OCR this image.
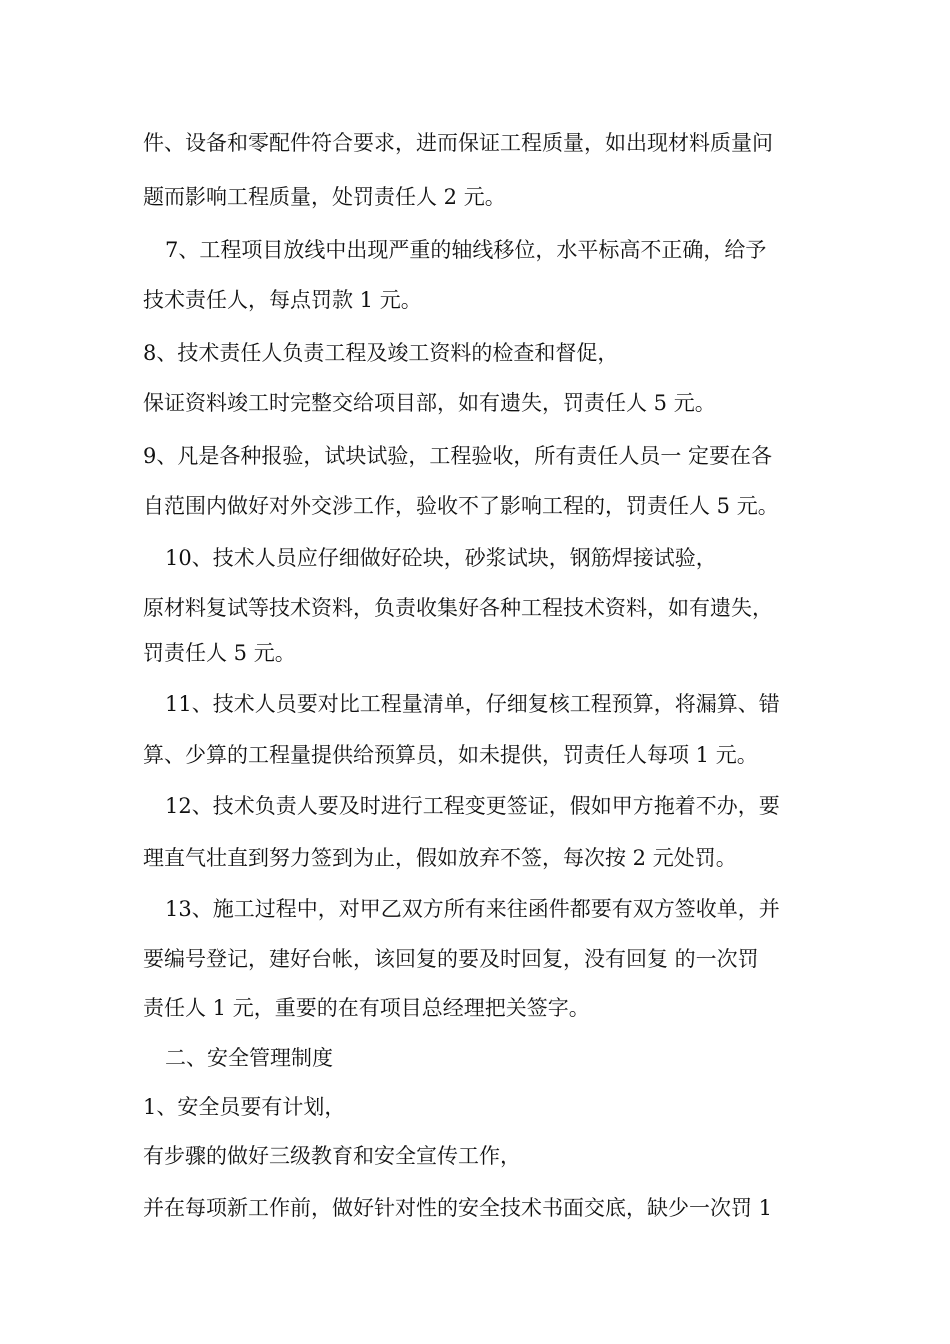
件、设备和零配件符合要求，进而保证工程质量，如出现材料质量问
题而影响工程质量，处罚责任人 2 元。
7、工程项目放线中出现严重的轴线移位，水平标高不正确，给予
技术责任人，每点罚款 1 元。
8、技术责任人负责工程及竣工资料的检查和督促，
保证资料竣工时完整交给项目部，如有遗失，罚责任人 5 元。
9、凡是各种报验，试块试验，工程验收，所有责任人员一 定要在各
自范围内做好对外交涉工作，验收不了影响工程的，罚责任人 5 元。
10、技术人员应仔细做好砼块，砂浆试块，钢筋焊接试验，
原材料复试等技术资料，负责收集好各种工程技术资料，如有遗失，
罚责任人 5 元。
11、技术人员要对比工程量清单，仔细复核工程预算，将漏算、错
算、少算的工程量提供给预算员，如未提供，罚责任人每项 1 元。
12、技术负责人要及时进行工程变更签证，假如甲方拖着不办，要
理直气壮直到努力签到为止，假如放弃不签，每次按 2 元处罚。
13、施工过程中，对甲乙双方所有来往函件都要有双方签收单，并
要编号登记，建好台帐，该回复的要及时回复，没有回复 的一次罚
责任人 1 元，重要的在有项目总经理把关签字。
二、安全管理制度
1、安全员要有计划，
有步骤的做好三级教育和安全宣传工作，
并在每项新工作前，做好针对性的安全技术书面交底，缺少一次罚 1
